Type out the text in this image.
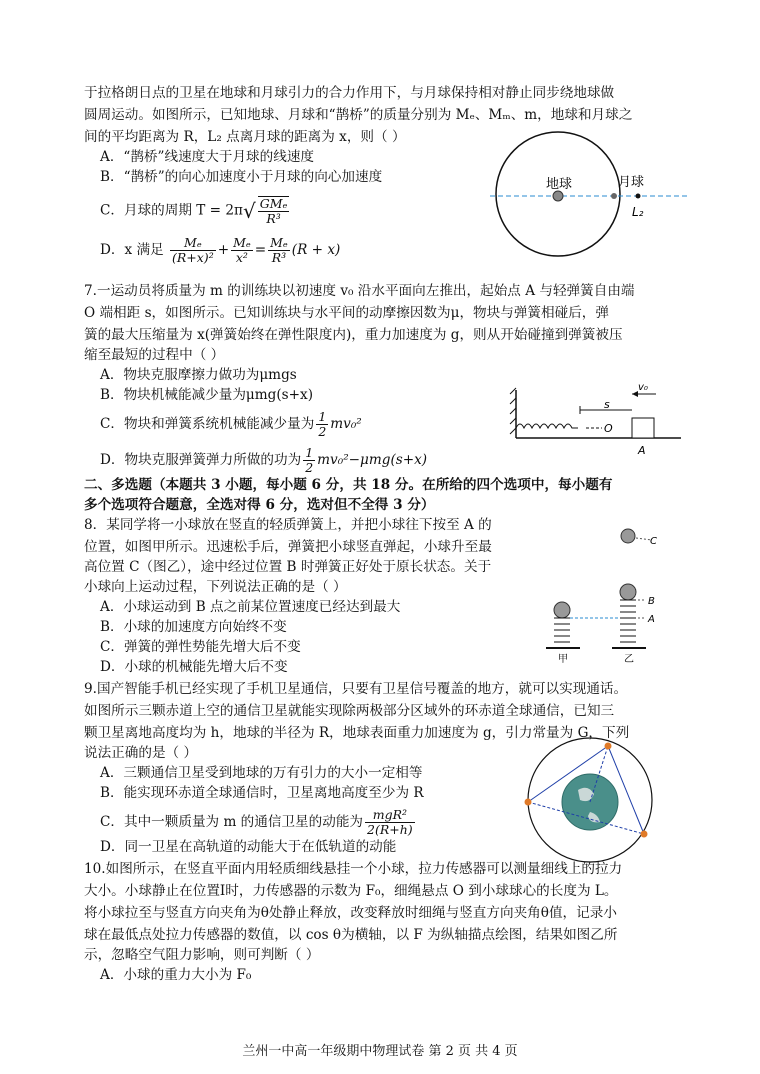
于拉格朗日点的卫星在地球和月球引力的合力作用下，与月球保持相对静止同步绕地球做
圆周运动。如图所示，已知地球、月球和“鹊桥”的质量分别为 Mₑ、Mₘ、m，地球和月球之
间的平均距离为 R，L₂ 点离月球的距离为 x，则（ ）
A．“鹊桥”线速度大于月球的线速度
B．“鹊桥”的向心加速度小于月球的向心加速度
C．月球的周期 $T = 2\pi√ \frac{\text{GMₑ}}{\text{R³}}$
D．x 满足 $\frac{\text{Mₑ}}{\text{(R+x)²}} + \frac{\text{Mₑ}}{\text{x²}} = \frac{\text{Mₑ}}{\text{R³}} (R + x)$
地球	月球
L₂
7.一运动员将质量为 m 的训练块以初速度 v₀ 沿水平面向左推出，起始点 A 与轻弹簧自由端
O 端相距 s，如图所示。已知训练块与水平间的动摩擦因数为μ，物块与弹簧相碰后，弹
簧的最大压缩量为 x(弹簧始终在弹性限度内)，重力加速度为 g，则从开始碰撞到弹簧被压
缩至最短的过程中（ ）
A．物块克服摩擦力做功为μmgs
B．物块机械能减少量为μmg(s+x)
C．物块和弹簧系统机械能减少量为 $\frac{1}{2} mv_0^2$
D．物块克服弹簧弹力所做的功为 $\frac{1}{2} mv_0^2-\mu mg(s+x)$
O
s
v₀
A
二、多选题（本题共 3 小题，每小题 6 分，共 18 分。在所给的四个选项中，每小题有
多个选项符合题意，全选对得 6 分，选对但不全得 3 分）
8．某同学将一小球放在竖直的轻质弹簧上，并把小球往下按至 A 的
位置，如图甲所示。迅速松手后，弹簧把小球竖直弹起，小球升至最
高位置 C（图乙），途中经过位置 B 时弹簧正好处于原长状态。关于
小球向上运动过程，下列说法正确的是（ ）
A．小球运动到 B 点之前某位置速度已经达到最大
B．小球的加速度方向始终不变
C．弹簧的弹性势能先增大后不变
D．小球的机械能先增大后不变
C
甲
B
A
乙
9.国产智能手机已经实现了手机卫星通信，只要有卫星信号覆盖的地方，就可以实现通话。
如图所示三颗赤道上空的通信卫星就能实现除两极部分区域外的环赤道全球通信，已知三
颗卫星离地高度均为 h，地球的半径为 R，地球表面重力加速度为 g，引力常量为 G，下列
说法正确的是（ ）
A．三颗通信卫星受到地球的万有引力的大小一定相等
B．能实现环赤道全球通信时，卫星离地高度至少为 R
C．其中一颗质量为 m 的通信卫星的动能为 $\frac{\text{mgR²}}{2(R+h)}$
D．同一卫星在高轨道的动能大于在低轨道的动能
10.如图所示，在竖直平面内用轻质细线悬挂一个小球，拉力传感器可以测量细线上的拉力
大小。小球静止在位置Ⅰ时，力传感器的示数为 F₀，细绳悬点 O 到小球球心的长度为 L。
将小球拉至与竖直方向夹角为θ处静止释放，改变释放时细绳与竖直方向夹角θ值，记录小
球在最低点处拉力传感器的数值，以 cos θ为横轴，以 F 为纵轴描点绘图，结果如图乙所
示，忽略空气阻力影响，则可判断（ ）
A．小球的重力大小为 F₀
兰州一中高一年级期中物理试卷 第 2 页 共 4 页
